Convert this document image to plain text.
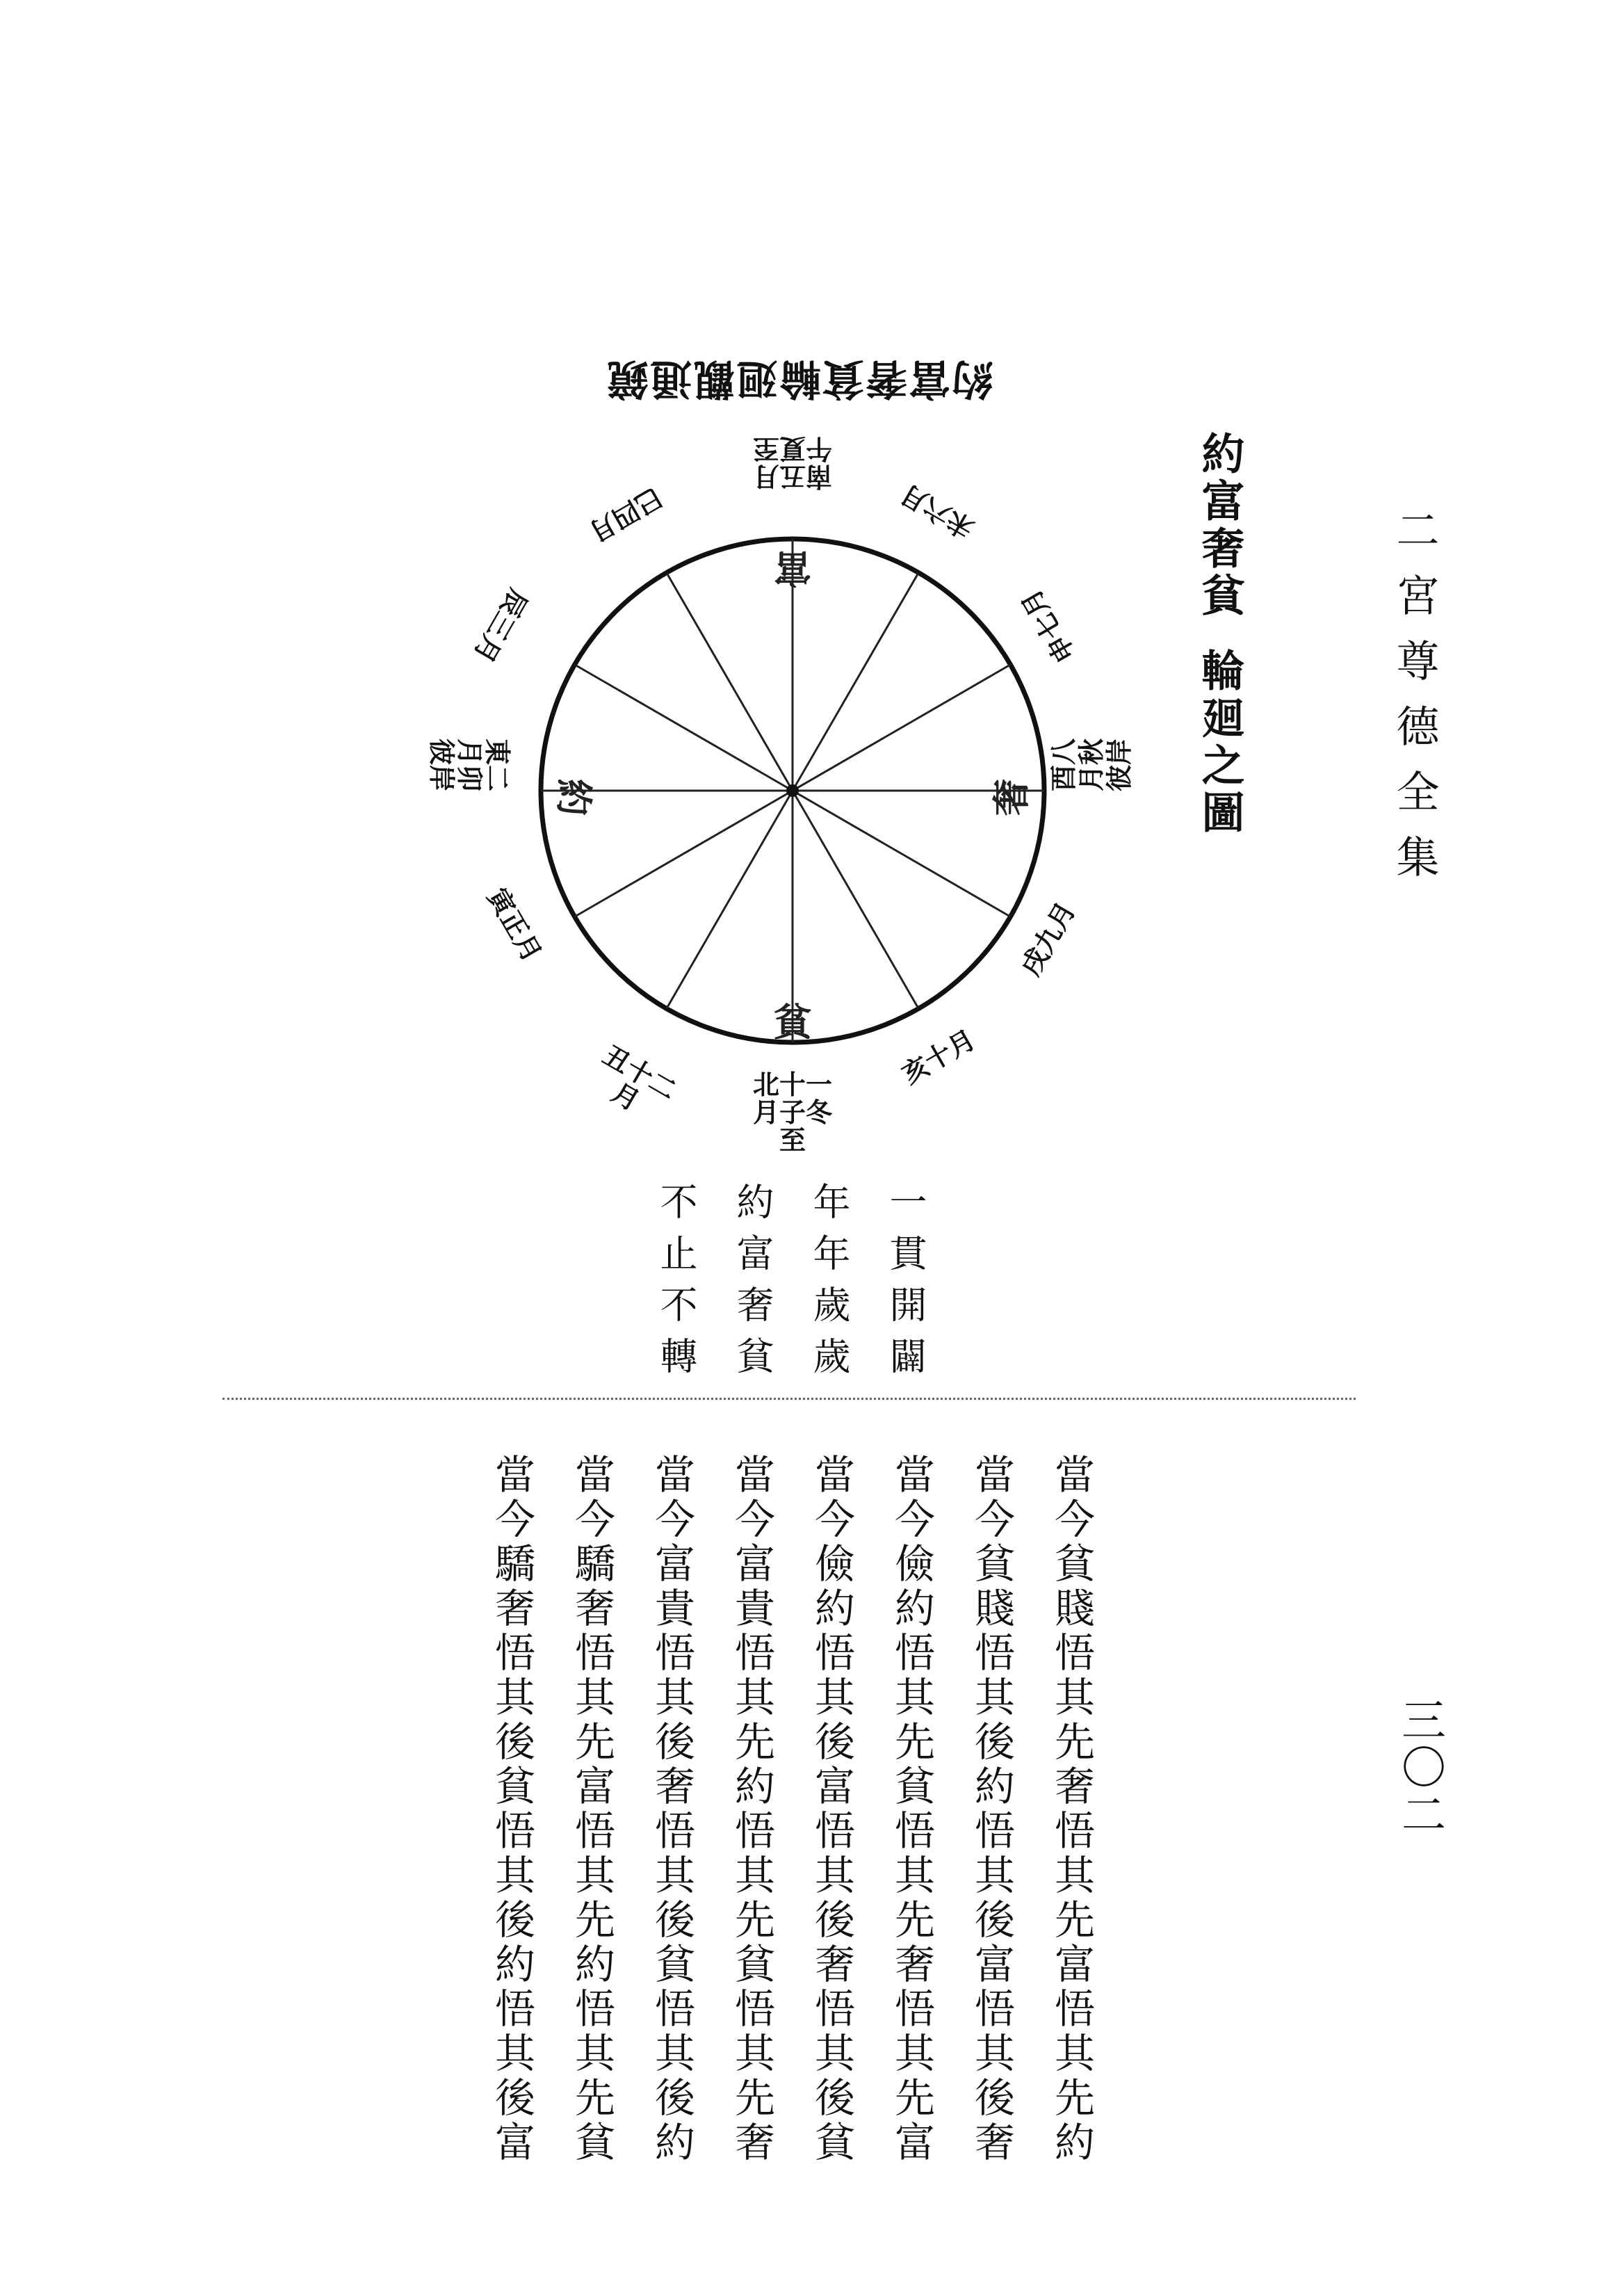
二宮尊德全集
三〇二
約富奢貧輪廻觀通鏡
約富奢貧輪廻之圖
富
奢
貧
約
南五月午夏至
未六月
申七月
酉八月秋彼岸
戌九月
亥十月
北十一月子冬至
丑十二月
寅正月
東二月卯彼岸
辰三月
巳四月
一貫開闢
年年歲歲
約富奢貧
不止不轉
當今貧賤悟其先奢悟其先富悟其先約
當今貧賤悟其後約悟其後富悟其後奢
當今儉約悟其先貧悟其先奢悟其先富
當今儉約悟其後富悟其後奢悟其後貧
當今富貴悟其先約悟其先貧悟其先奢
當今富貴悟其後奢悟其後貧悟其後約
當今驕奢悟其先富悟其先約悟其先貧
當今驕奢悟其後貧悟其後約悟其後富
